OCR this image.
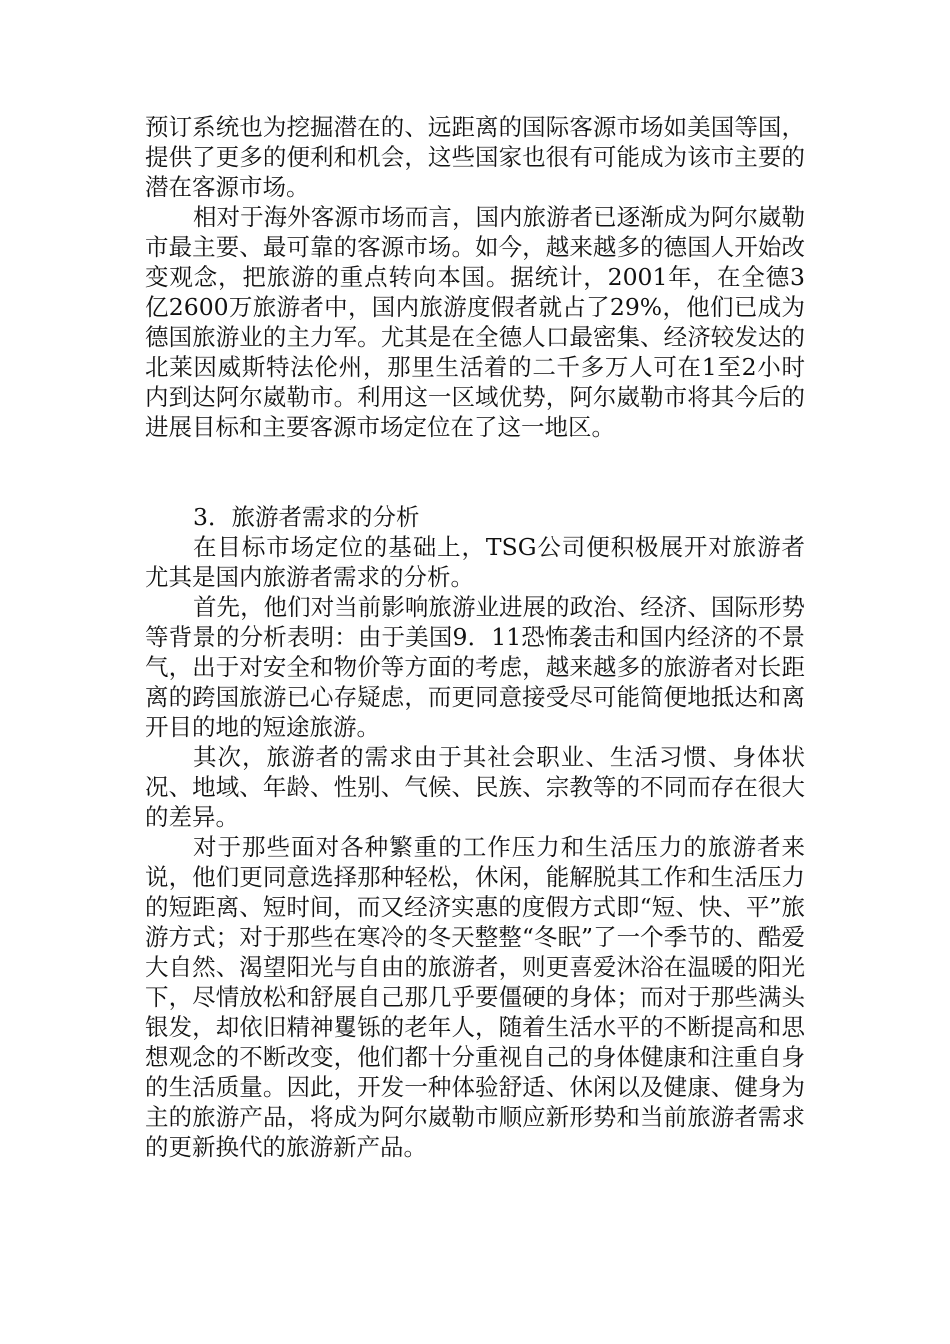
预订系统也为挖掘潜在的、远距离的国际客源市场如美国等国，提供了更多的便利和机会，这些国家也很有可能成为该市主要的潜在客源市场。

相对于海外客源市场而言，国内旅游者已逐渐成为阿尔崴勒市最主要、最可靠的客源市场。如今，越来越多的德国人开始改变观念，把旅游的重点转向本国。据统计，2001年，在全德3亿2600万旅游者中，国内旅游度假者就占了29%，他们已成为德国旅游业的主力军。尤其是在全德人口最密集、经济较发达的北莱因威斯特法伦州，那里生活着的二千多万人可在1至2小时内到达阿尔崴勒市。利用这一区域优势，阿尔崴勒市将其今后的进展目标和主要客源市场定位在了这一地区。

3．旅游者需求的分析

在目标市场定位的基础上，TSG公司便积极展开对旅游者尤其是国内旅游者需求的分析。

首先，他们对当前影响旅游业进展的政治、经济、国际形势等背景的分析表明：由于美国9．11恐怖袭击和国内经济的不景气，出于对安全和物价等方面的考虑，越来越多的旅游者对长距离的跨国旅游已心存疑虑，而更同意接受尽可能简便地抵达和离开目的地的短途旅游。

其次，旅游者的需求由于其社会职业、生活习惯、身体状况、地域、年龄、性别、气候、民族、宗教等的不同而存在很大的差异。

对于那些面对各种繁重的工作压力和生活压力的旅游者来说，他们更同意选择那种轻松，休闲，能解脱其工作和生活压力的短距离、短时间，而又经济实惠的度假方式即“短、快、平”旅游方式；对于那些在寒冷的冬天整整“冬眠”了一个季节的、酷爱大自然、渴望阳光与自由的旅游者，则更喜爱沐浴在温暖的阳光下，尽情放松和舒展自己那几乎要僵硬的身体；而对于那些满头银发，却依旧精神矍铄的老年人，随着生活水平的不断提高和思想观念的不断改变，他们都十分重视自己的身体健康和注重自身的生活质量。因此，开发一种体验舒适、休闲以及健康、健身为主的旅游产品，将成为阿尔崴勒市顺应新形势和当前旅游者需求的更新换代的旅游新产品。
